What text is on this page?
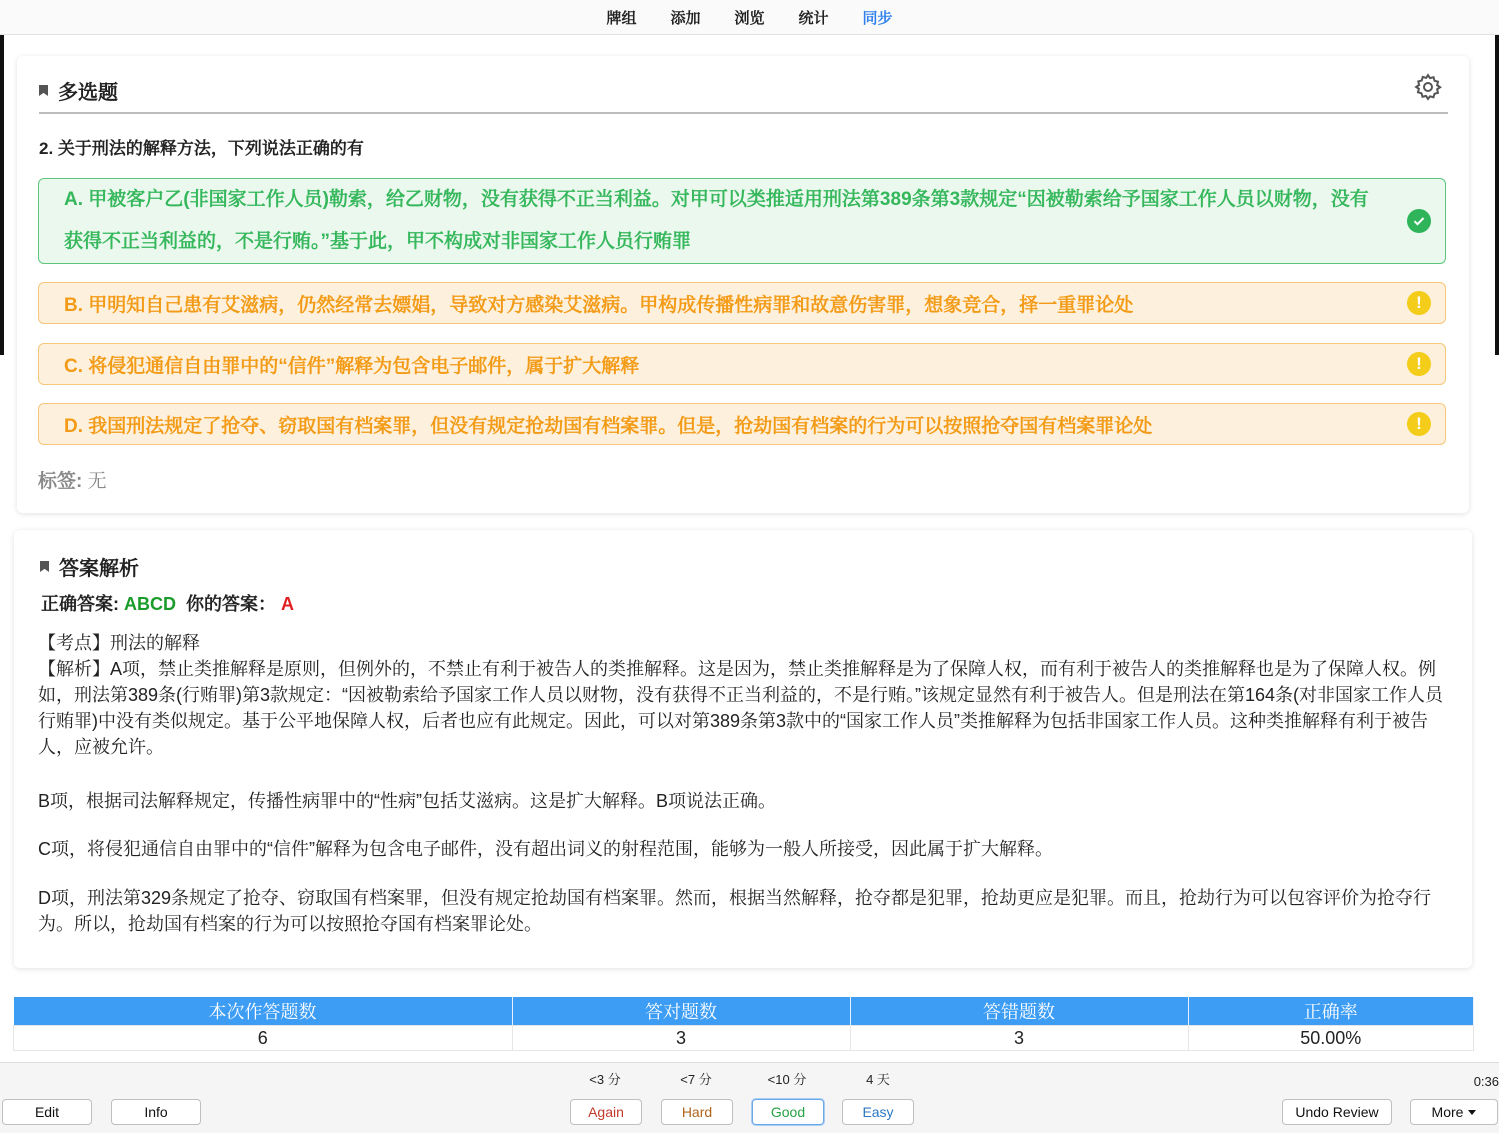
牌组 添加 浏览 统计 同步
多选题
2. 关于刑法的解释方法，下列说法正确的有
A. 甲被客户乙(非国家工作人员)勒索，给乙财物，没有获得不正当利益。对甲可以类推适用刑法第389条第3款规定“因被勒索给予国家工作人员以财物，没有获得不正当利益的，不是行贿。”基于此，甲不构成对非国家工作人员行贿罪
B. 甲明知自己患有艾滋病，仍然经常去嫖娼，导致对方感染艾滋病。甲构成传播性病罪和故意伤害罪，想象竞合，择一重罪论处	!
C. 将侵犯通信自由罪中的“信件”解释为包含电子邮件，属于扩大解释	!
D. 我国刑法规定了抢夺、窃取国有档案罪，但没有规定抢劫国有档案罪。但是，抢劫国有档案的行为可以按照抢夺国有档案罪论处	!
标签: 无
答案解析
正确答案: ABCD 你的答案： A
【考点】刑法的解释
【解析】A项，禁止类推解释是原则，但例外的，不禁止有利于被告人的类推解释。这是因为，禁止类推解释是为了保障人权，而有利于被告人的类推解释也是为了保障人权。例如，刑法第389条(行贿罪)第3款规定：“因被勒索给予国家工作人员以财物，没有获得不正当利益的，不是行贿。”该规定显然有利于被告人。但是刑法在第164条(对非国家工作人员行贿罪)中没有类似规定。基于公平地保障人权，后者也应有此规定。因此，可以对第389条第3款中的“国家工作人员”类推解释为包括非国家工作人员。这种类推解释有利于被告人，应被允许。
B项，根据司法解释规定，传播性病罪中的“性病”包括艾滋病。这是扩大解释。B项说法正确。
C项，将侵犯通信自由罪中的“信件”解释为包含电子邮件，没有超出词义的射程范围，能够为一般人所接受，因此属于扩大解释。
D项，刑法第329条规定了抢夺、窃取国有档案罪，但没有规定抢劫国有档案罪。然而，根据当然解释，抢夺都是犯罪，抢劫更应是犯罪。而且，抢劫行为可以包容评价为抢夺行为。所以，抢劫国有档案的行为可以按照抢夺国有档案罪论处。
本次作答题数	答对题数	答错题数	正确率
6	3	3	50.00%
Edit	Info
<3 分	<7 分	<10 分	4 天
Again	Hard	Good	Easy
0:36
Undo Review	More
